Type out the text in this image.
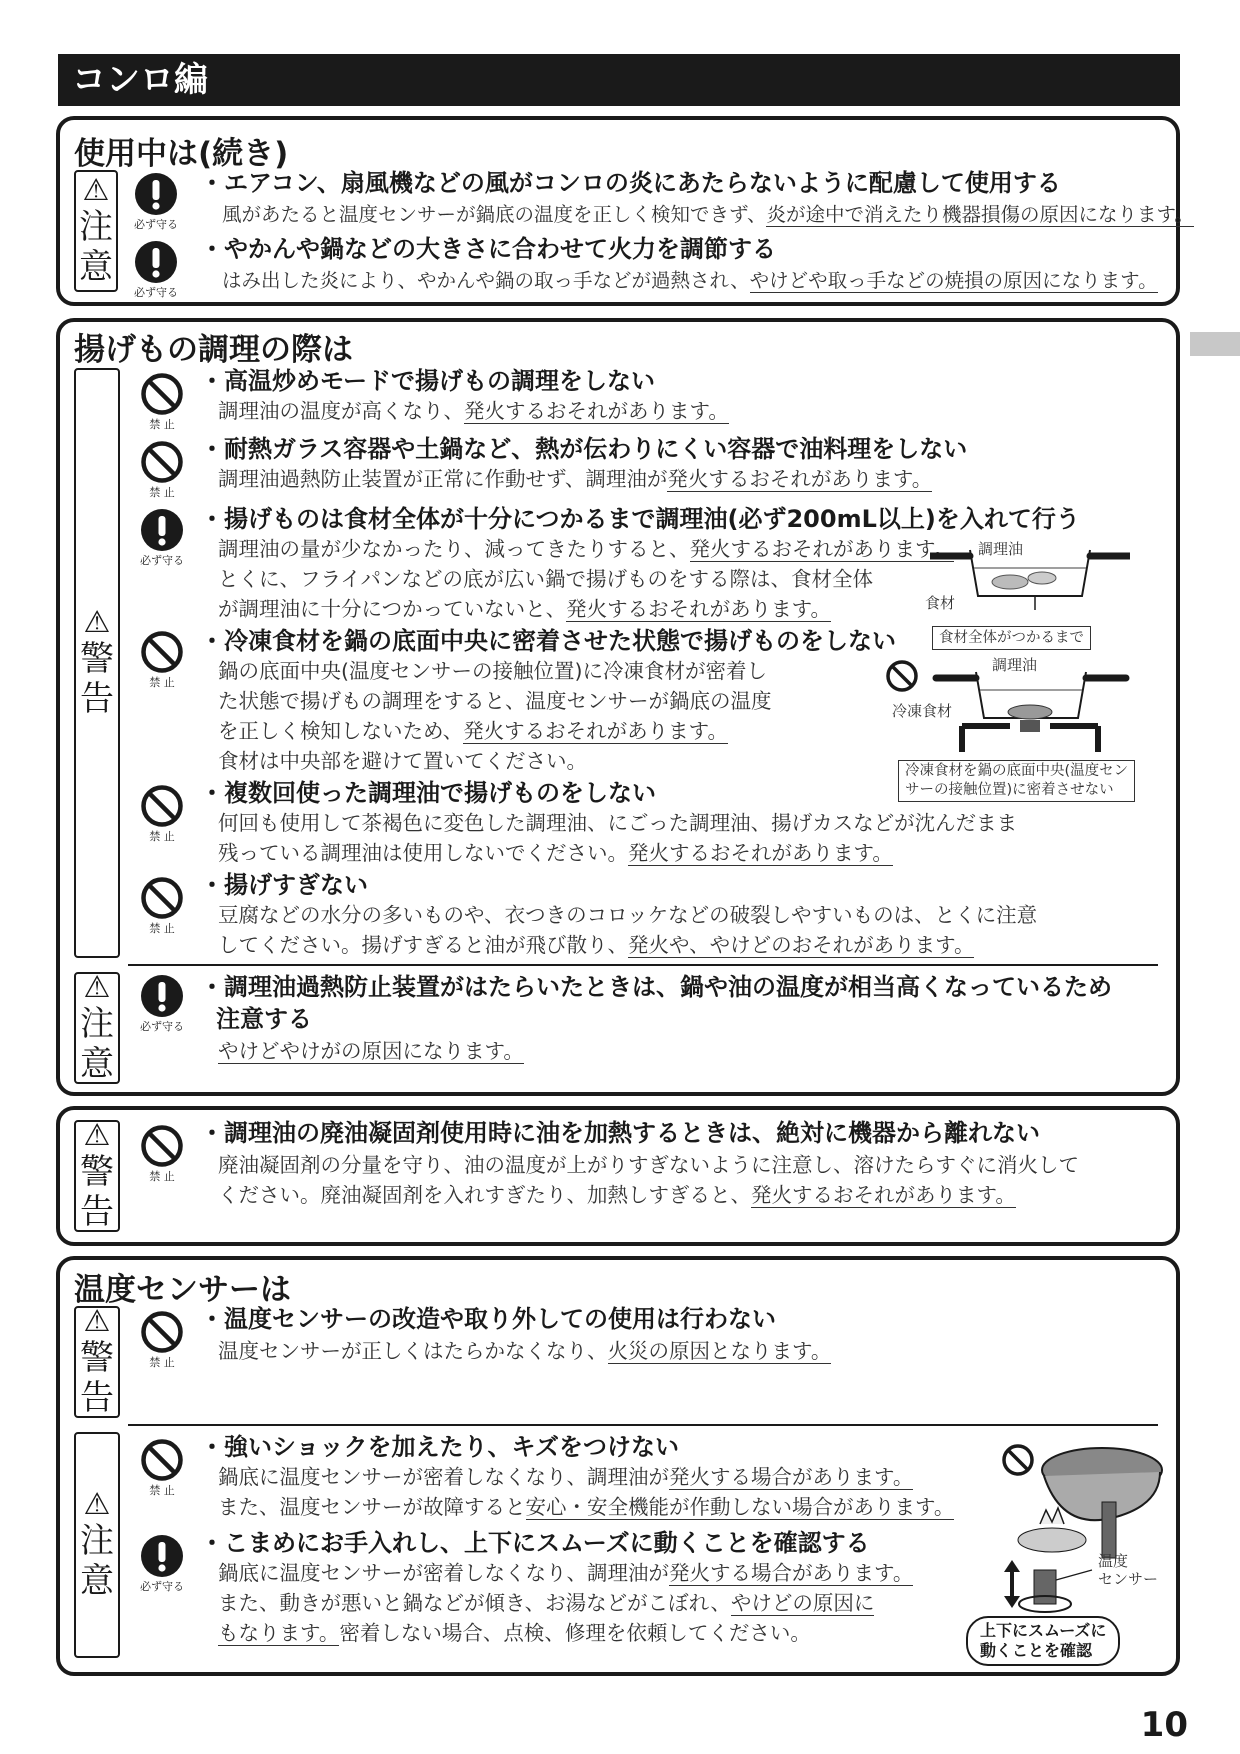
コンロ編
使用中は(続き)
⚠
注
意
必ず守る
・エアコン、扇風機などの風がコンロの炎にあたらないように配慮して使用する
風があたると温度センサーが鍋底の温度を正しく検知できず、炎が途中で消えたり機器損傷の原因になります。
必ず守る
・やかんや鍋などの大きさに合わせて火力を調節する
はみ出した炎により、やかんや鍋の取っ手などが過熱され、やけどや取っ手などの焼損の原因になります。
揚げもの調理の際は
⚠
警
告
禁 止
・高温炒めモードで揚げもの調理をしない
調理油の温度が高くなり、発火するおそれがあります。
禁 止
・耐熱ガラス容器や土鍋など、熱が伝わりにくい容器で油料理をしない
調理油過熱防止装置が正常に作動せず、調理油が発火するおそれがあります。
必ず守る
・揚げものは食材全体が十分につかるまで調理油(必ず200mL以上)を入れて行う
調理油の量が少なかったり、減ってきたりすると、発火するおそれがあります。
とくに、フライパンなどの底が広い鍋で揚げものをする際は、食材全体
が調理油に十分につかっていないと、発火するおそれがあります。
調理油
食材
食材全体がつかるまで
禁 止
・冷凍食材を鍋の底面中央に密着させた状態で揚げものをしない
鍋の底面中央(温度センサーの接触位置)に冷凍食材が密着し
た状態で揚げもの調理をすると、温度センサーが鍋底の温度
を正しく検知しないため、発火するおそれがあります。
食材は中央部を避けて置いてください。
調理油
冷凍食材
冷凍食材を鍋の底面中央(温度セン
サーの接触位置)に密着させない
禁 止
・複数回使った調理油で揚げものをしない
何回も使用して茶褐色に変色した調理油、にごった調理油、揚げカスなどが沈んだまま
残っている調理油は使用しないでください。発火するおそれがあります。
禁 止
・揚げすぎない
豆腐などの水分の多いものや、衣つきのコロッケなどの破裂しやすいものは、とくに注意
してください。揚げすぎると油が飛び散り、発火や、やけどのおそれがあります。
⚠
注
意
必ず守る
・調理油過熱防止装置がはたらいたときは、鍋や油の温度が相当高くなっているため
注意する
やけどやけがの原因になります。
⚠
警
告
禁 止
・調理油の廃油凝固剤使用時に油を加熱するときは、絶対に機器から離れない
廃油凝固剤の分量を守り、油の温度が上がりすぎないように注意し、溶けたらすぐに消火して
ください。廃油凝固剤を入れすぎたり、加熱しすぎると、発火するおそれがあります。
温度センサーは
⚠
警
告
禁 止
・温度センサーの改造や取り外しての使用は行わない
温度センサーが正しくはたらかなくなり、火災の原因となります。
⚠
注
意
禁 止
・強いショックを加えたり、キズをつけない
鍋底に温度センサーが密着しなくなり、調理油が発火する場合があります。
また、温度センサーが故障すると安心・安全機能が作動しない場合があります。
必ず守る
・こまめにお手入れし、上下にスムーズに動くことを確認する
鍋底に温度センサーが密着しなくなり、調理油が発火する場合があります。
また、動きが悪いと鍋などが傾き、お湯などがこぼれ、やけどの原因に
もなります。密着しない場合、点検、修理を依頼してください。
温度
センサー
上下にスムーズに
動くことを確認
10
